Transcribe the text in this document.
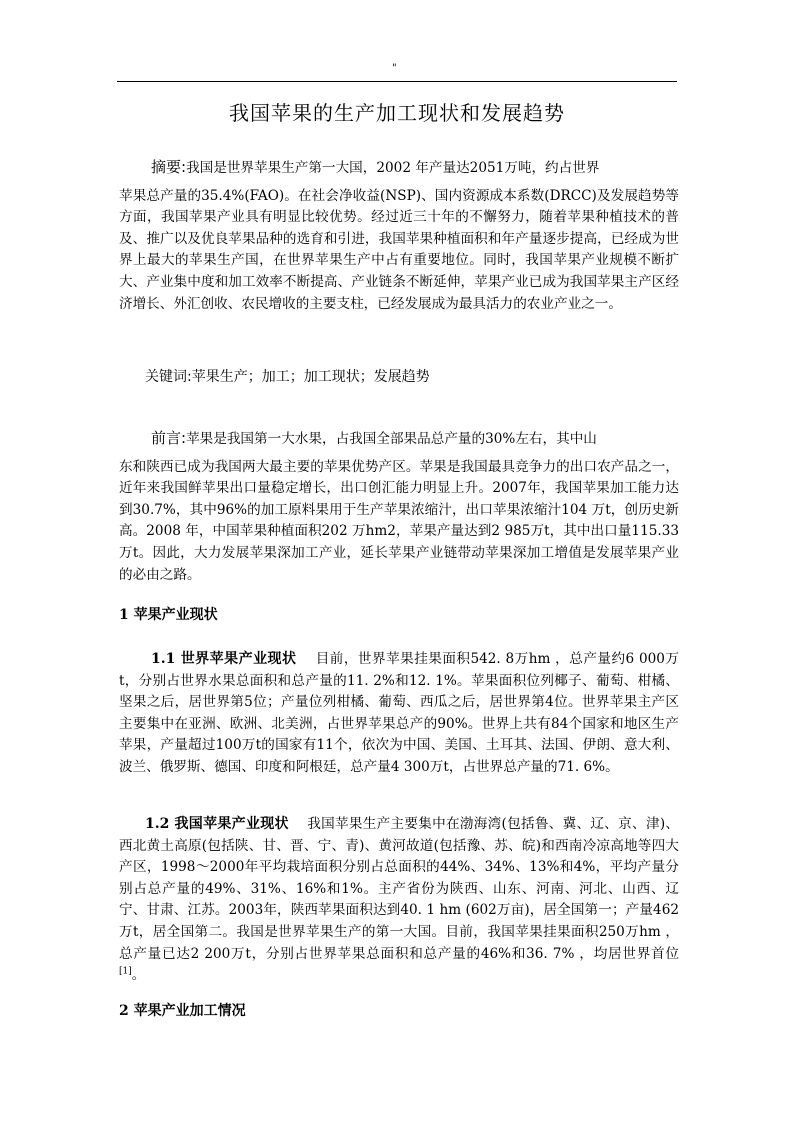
"
我国苹果的生产加工现状和发展趋势

摘要:我国是世界苹果生产第一大国，2002 年产量达2051万吨，约占世界

苹果总产量的35.4%(FAO)。在社会净收益(NSP)、国内资源成本系数(DRCC)及发展趋势等方面，我国苹果产业具有明显比较优势。经过近三十年的不懈努力，随着苹果种植技术的普及、推广以及优良苹果品种的选育和引进，我国苹果种植面积和年产量逐步提高，已经成为世界上最大的苹果生产国，在世界苹果生产中占有重要地位。同时，我国苹果产业规模不断扩大、产业集中度和加工效率不断提高、产业链条不断延伸，苹果产业已成为我国苹果主产区经济增长、外汇创收、农民增收的主要支柱，已经发展成为最具活力的农业产业之一。

关键词:苹果生产；加工；加工现状；发展趋势

前言:苹果是我国第一大水果，占我国全部果品总产量的30%左右，其中山

东和陕西已成为我国两大最主要的苹果优势产区。苹果是我国最具竞争力的出口农产品之一，近年来我国鲜苹果出口量稳定增长，出口创汇能力明显上升。2007年，我国苹果加工能力达到30.7%，其中96%的加工原料果用于生产苹果浓缩汁，出口苹果浓缩汁104 万t，创历史新高。2008 年，中国苹果种植面积202 万hm2，苹果产量达到2 985万t，其中出口量115.33万t。因此，大力发展苹果深加工产业，延长苹果产业链带动苹果深加工增值是发展苹果产业的必由之路。

1 苹果产业现状

1.1 世界苹果产业现状 目前，世界苹果挂果面积542. 8万hm ，总产量约6 000万t，分别占世界水果总面积和总产量的11. 2%和12. 1%。苹果面积位列椰子、葡萄、柑橘、坚果之后，居世界第5位；产量位列柑橘、葡萄、西瓜之后，居世界第4位。世界苹果主产区主要集中在亚洲、欧洲、北美洲，占世界苹果总产的90%。世界上共有84个国家和地区生产苹果，产量超过100万t的国家有11个，依次为中国、美国、土耳其、法国、伊朗、意大利、波兰、俄罗斯、德国、印度和阿根廷，总产量4 300万t，占世界总产量的71. 6%。

1.2 我国苹果产业现状 我国苹果生产主要集中在渤海湾(包括鲁、冀、辽、京、津)、西北黄土高原(包括陕、甘、晋、宁、青)、黄河故道(包括豫、苏、皖)和西南冷凉高地等四大产区，1998～2000年平均栽培面积分别占总面积的44%、34%、13%和4%，平均产量分别占总产量的49%、31%、16%和1%。主产省份为陕西、山东、河南、河北、山西、辽宁、甘肃、江苏。2003年，陕西苹果面积达到40. 1 hm (602万亩)，居全国第一；产量462万t，居全国第二。我国是世界苹果生产的第一大国。目前，我国苹果挂果面积250万hm ，总产量已达2 200万t，分别占世界苹果总面积和总产量的46%和36. 7% ，均居世界首位[1]。

2 苹果产业加工情况
